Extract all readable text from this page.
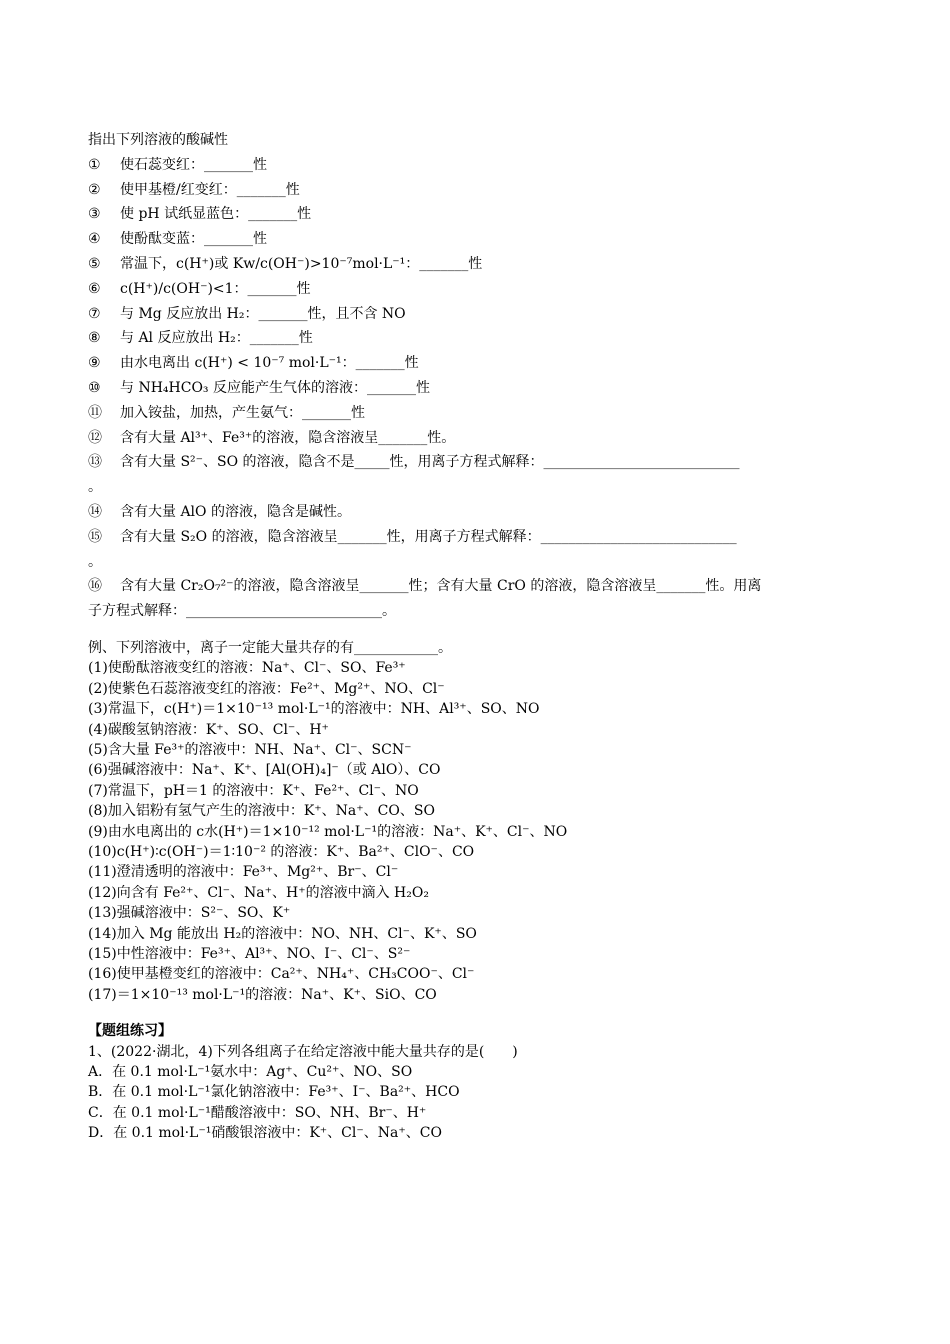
指出下列溶液的酸碱性
① 使石蕊变红：_______性
② 使甲基橙/红变红：_______性
③ 使 pH 试纸显蓝色：_______性
④ 使酚酞变蓝：_______性
⑤ 常温下，c(H⁺)或 Kw/c(OH⁻)>10⁻⁷mol·L⁻¹：_______性
⑥ c(H⁺)/c(OH⁻)<1：_______性
⑦ 与 Mg 反应放出 H₂：_______性，且不含 NO
⑧ 与 Al 反应放出 H₂：_______性
⑨ 由水电离出 c(H⁺) < 10⁻⁷ mol·L⁻¹：_______性
⑩ 与 NH₄HCO₃ 反应能产生气体的溶液：_______性
⑪ 加入铵盐，加热，产生氨气：_______性
⑫ 含有大量 Al³⁺、Fe³⁺的溶液，隐含溶液呈_______性。
⑬ 含有大量 S²⁻、SO 的溶液，隐含不是_____性，用离子方程式解释：____________________________
。
⑭ 含有大量 AlO 的溶液，隐含是碱性。
⑮ 含有大量 S₂O 的溶液，隐含溶液呈_______性，用离子方程式解释：____________________________
。
⑯ 含有大量 Cr₂O₇²⁻的溶液，隐含溶液呈_______性；含有大量 CrO 的溶液，隐含溶液呈_______性。用离
子方程式解释：____________________________。
例、下列溶液中，离子一定能大量共存的有____________。
(1)使酚酞溶液变红的溶液：Na⁺、Cl⁻、SO、Fe³⁺
(2)使紫色石蕊溶液变红的溶液：Fe²⁺、Mg²⁺、NO、Cl⁻
(3)常温下，c(H⁺)＝1×10⁻¹³ mol·L⁻¹的溶液中：NH、Al³⁺、SO、NO
(4)碳酸氢钠溶液：K⁺、SO、Cl⁻、H⁺
(5)含大量 Fe³⁺的溶液中：NH、Na⁺、Cl⁻、SCN⁻
(6)强碱溶液中：Na⁺、K⁺、[Al(OH)₄]⁻（或 AlO）、CO
(7)常温下，pH＝1 的溶液中：K⁺、Fe²⁺、Cl⁻、NO
(8)加入铝粉有氢气产生的溶液中：K⁺、Na⁺、CO、SO
(9)由水电离出的 c水(H⁺)＝1×10⁻¹² mol·L⁻¹的溶液：Na⁺、K⁺、Cl⁻、NO
(10)c(H⁺)∶c(OH⁻)＝1∶10⁻² 的溶液：K⁺、Ba²⁺、ClO⁻、CO
(11)澄清透明的溶液中：Fe³⁺、Mg²⁺、Br⁻、Cl⁻
(12)向含有 Fe²⁺、Cl⁻、Na⁺、H⁺的溶液中滴入 H₂O₂
(13)强碱溶液中：S²⁻、SO、K⁺
(14)加入 Mg 能放出 H₂的溶液中：NO、NH、Cl⁻、K⁺、SO
(15)中性溶液中：Fe³⁺、Al³⁺、NO、I⁻、Cl⁻、S²⁻
(16)使甲基橙变红的溶液中：Ca²⁺、NH₄⁺、CH₃COO⁻、Cl⁻
(17)＝1×10⁻¹³ mol·L⁻¹的溶液：Na⁺、K⁺、SiO、CO
【题组练习】
1、(2022·湖北，4)下列各组离子在给定溶液中能大量共存的是(　　)
A．在 0.1 mol·L⁻¹氨水中：Ag⁺、Cu²⁺、NO、SO
B．在 0.1 mol·L⁻¹氯化钠溶液中：Fe³⁺、I⁻、Ba²⁺、HCO
C．在 0.1 mol·L⁻¹醋酸溶液中：SO、NH、Br⁻、H⁺
D．在 0.1 mol·L⁻¹硝酸银溶液中：K⁺、Cl⁻、Na⁺、CO
